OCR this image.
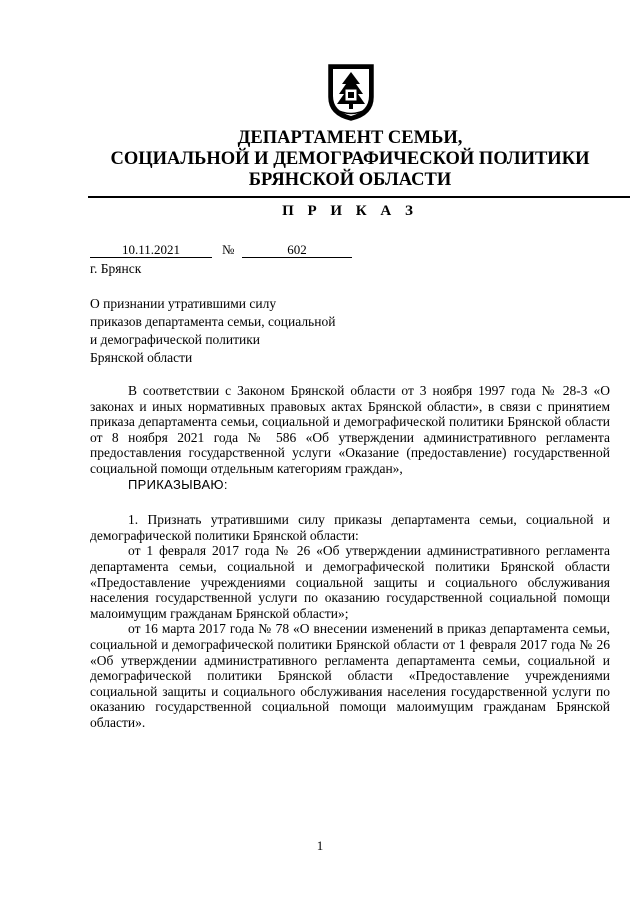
ДЕПАРТАМЕНТ СЕМЬИ,
СОЦИАЛЬНОЙ И ДЕМОГРАФИЧЕСКОЙ ПОЛИТИКИ
БРЯНСКОЙ ОБЛАСТИ
П Р И К А З
10.11.2021	№	602
г. Брянск
О признании утратившими силу
приказов департамента семьи, социальной
и демографической политики
Брянской области

В соответствии с Законом Брянской области от 3 ноября 1997 года № 28-З «О законах и иных нормативных правовых актах Брянской области», в связи с принятием приказа департамента семьи, социальной и демографической политики Брянской области от 8 ноября 2021 года № 586 «Об утверждении административного регламента предоставления государственной услуги «Оказание (предоставление) государственной социальной помощи отдельным категориям граждан»,

ПРИКАЗЫВАЮ:

1. Признать утратившими силу приказы департамента семьи, социальной и демографической политики Брянской области:

от 1 февраля 2017 года № 26 «Об утверждении административного регламента департамента семьи, социальной и демографической политики Брянской области «Предоставление учреждениями социальной защиты и социального обслуживания населения государственной услуги по оказанию государственной социальной помощи малоимущим гражданам Брянской области»;

от 16 марта 2017 года № 78 «О внесении изменений в приказ департамента семьи, социальной и демографической политики Брянской области от 1 февраля 2017 года № 26 «Об утверждении административного регламента департамента семьи, социальной и демографической политики Брянской области «Предоставление учреждениями социальной защиты и социального обслуживания населения государственной услуги по оказанию государственной социальной помощи малоимущим гражданам Брянской области».

1
